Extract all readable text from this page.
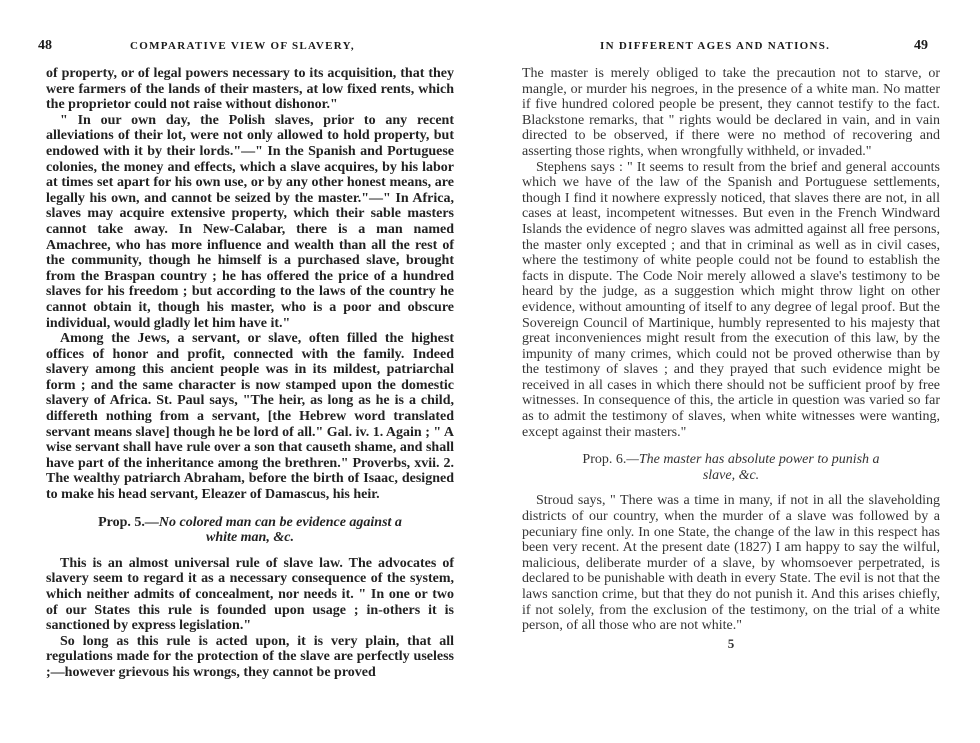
48	COMPARATIVE VIEW OF SLAVERY,

of property, or of legal powers necessary to its acquisition, that they were farmers of the lands of their masters, at low fixed rents, which the proprietor could not raise without dishonor."

" In our own day, the Polish slaves, prior to any recent alleviations of their lot, were not only allowed to hold property, but endowed with it by their lords."—" In the Spanish and Portuguese colonies, the money and effects, which a slave acquires, by his labor at times set apart for his own use, or by any other honest means, are legally his own, and cannot be seized by the master."—" In Africa, slaves may acquire extensive property, which their sable masters cannot take away. In New-Calabar, there is a man named Amachree, who has more influence and wealth than all the rest of the community, though he himself is a purchased slave, brought from the Braspan country ; he has offered the price of a hundred slaves for his freedom ; but according to the laws of the country he cannot obtain it, though his master, who is a poor and obscure individual, would gladly let him have it."

Among the Jews, a servant, or slave, often filled the highest offices of honor and profit, connected with the family. Indeed slavery among this ancient people was in its mildest, patriarchal form ; and the same character is now stamped upon the domestic slavery of Africa. St. Paul says, "The heir, as long as he is a child, differeth nothing from a servant, [the Hebrew word translated servant means slave] though he be lord of all." Gal. iv. 1. Again ; " A wise servant shall have rule over a son that causeth shame, and shall have part of the inheritance among the brethren." Proverbs, xvii. 2. The wealthy patriarch Abraham, before the birth of Isaac, designed to make his head servant, Eleazer of Damascus, his heir.

Prop. 5.—No colored man can be evidence against a
white man, &c.

This is an almost universal rule of slave law. The advocates of slavery seem to regard it as a necessary consequence of the system, which neither admits of concealment, nor needs it. " In one or two of our States this rule is founded upon usage ; in-others it is sanctioned by express legislation."

So long as this rule is acted upon, it is very plain, that all regulations made for the protection of the slave are perfectly useless ;—however grievous his wrongs, they cannot be proved

IN DIFFERENT AGES AND NATIONS.	49

The master is merely obliged to take the precaution not to starve, or mangle, or murder his negroes, in the presence of a white man. No matter if five hundred colored people be present, they cannot testify to the fact. Blackstone remarks, that " rights would be declared in vain, and in vain directed to be observed, if there were no method of recovering and asserting those rights, when wrongfully withheld, or invaded."

Stephens says : " It seems to result from the brief and general accounts which we have of the law of the Spanish and Portuguese settlements, though I find it nowhere expressly noticed, that slaves there are not, in all cases at least, incompetent witnesses. But even in the French Windward Islands the evidence of negro slaves was admitted against all free persons, the master only excepted ; and that in criminal as well as in civil cases, where the testimony of white people could not be found to establish the facts in dispute. The Code Noir merely allowed a slave's testimony to be heard by the judge, as a suggestion which might throw light on other evidence, without amounting of itself to any degree of legal proof. But the Sovereign Council of Martinique, humbly represented to his majesty that great inconveniences might result from the execution of this law, by the impunity of many crimes, which could not be proved otherwise than by the testimony of slaves ; and they prayed that such evidence might be received in all cases in which there should not be sufficient proof by free witnesses. In consequence of this, the article in question was varied so far as to admit the testimony of slaves, when white witnesses were wanting, except against their masters."

Prop. 6.—The master has absolute power to punish a
slave, &c.

Stroud says, " There was a time in many, if not in all the slaveholding districts of our country, when the murder of a slave was followed by a pecuniary fine only. In one State, the change of the law in this respect has been very recent. At the present date (1827) I am happy to say the wilful, malicious, deliberate murder of a slave, by whomsoever perpetrated, is declared to be punishable with death in every State. The evil is not that the laws sanction crime, but that they do not punish it. And this arises chiefly, if not solely, from the exclusion of the testimony, on the trial of a white person, of all those who are not white."

5
